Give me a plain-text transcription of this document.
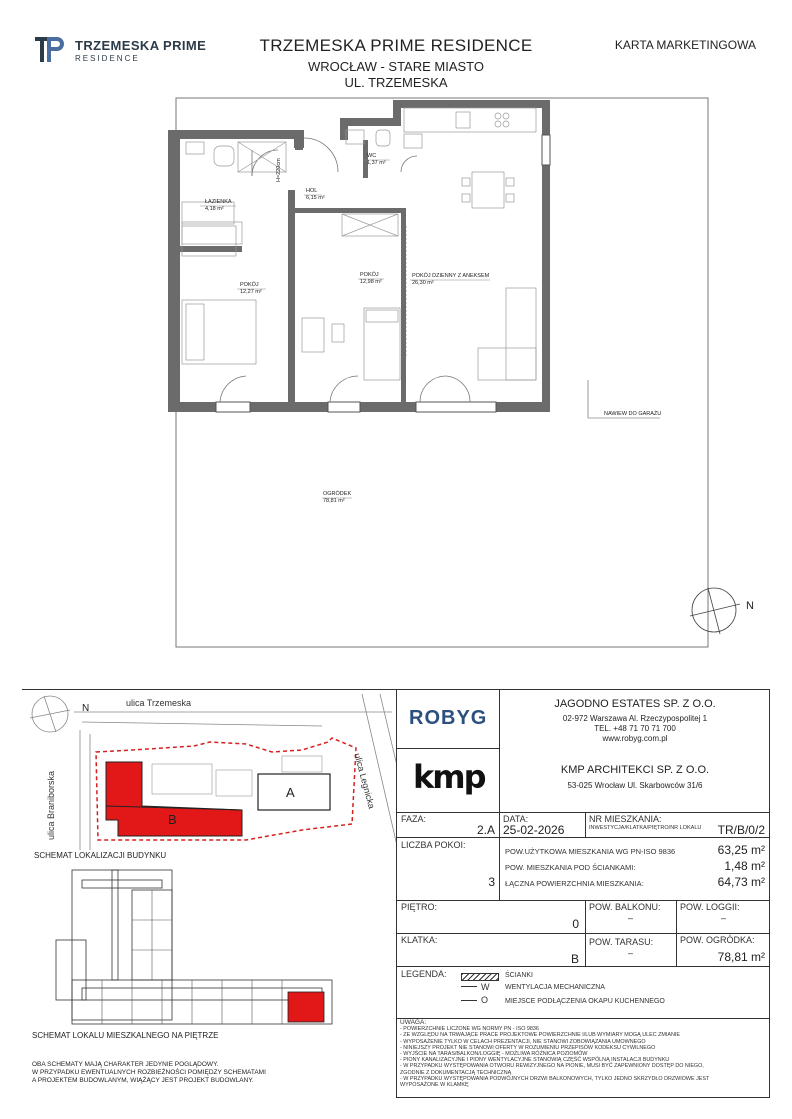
TRZEMESKA PRIME
RESIDENCE
TRZEMESKA PRIME RESIDENCE
WROCŁAW - STARE MIASTO
UL. TRZEMESKA
KARTA MARKETINGOWA
ŁAZIENKA
4,18 m²
WC
1,37 m²
HOL
6,15 m²
POKÓJ
12,27 m²
POKÓJ
12,98 m²
POKÓJ DZIENNY Z ANEKSEM
26,30 m²
OGRÓDEK
78,81 m²
H=220cm
NAWIEW DO GARAŻU
N
ulica Trzemeska
ulica Braniborska	ulica Legnicka
B
A
N
SCHEMAT LOKALIZACJI BUDYNKU
SCHEMAT LOKALU MIESZKALNEGO NA PIĘTRZE
OBA SCHEMATY MAJĄ CHARAKTER JEDYNIE POGLĄDOWY.
W PRZYPADKU EWENTUALNYCH ROZBIEŻNOŚCI POMIĘDZY SCHEMATAMI
A PROJEKTEM BUDOWLANYM, WIĄŻĄCY JEST PROJEKT BUDOWLANY.
ROBYG
kmp
JAGODNO ESTATES SP. Z O.O.
02-972 Warszawa Al. Rzeczypospolitej 1
TEL. +48 71 70 71 700
www.robyg.com.pl
KMP ARCHITEKCI SP. Z O.O.
53-025 Wrocław Ul. Skarbowców 31/6
FAZA:
2.A
DATA:
25-02-2026
NR MIESZKANIA:
INWESTYCJA/KLATKA/PIĘTRO/NR LOKALU TR/B/0/2
LICZBA POKOI:
3
POW.UŻYTKOWA MIESZKANIA WG PN-ISO 9836	63,25 m²
POW. MIESZKANIA POD ŚCIANKAMI:	1,48 m²
ŁĄCZNA POWIERZCHNIA MIESZKANIA:	64,73 m²
PIĘTRO:
0
POW. BALKONU:
–
POW. LOGGII:
–
KLATKA:
B
POW. TARASU:
–
POW. OGRÓDKA:
78,81 m²
LEGENDA:	ŚCIANKI
W WENTYLACJA MECHANICZNA
O MIEJSCE PODŁĄCZENIA OKAPU KUCHENNEGO
UWAGA:
- POWIERZCHNIE LICZONE WG NORMY PN - ISO 9836
- ZE WZGLĘDU NA TRWAJĄCE PRACE PROJEKTOWE POWIERZCHNIE I/LUB WYMIARY MOGĄ ULEC ZMIANIE
- WYPOSAŻENIE TYLKO W CELACH PREZENTACJI, NIE STANOWI ZOBOWIĄZANIA UMOWNEGO
- NINIEJSZY PROJEKT NIE STANOWI OFERTY W ROZUMIENIU PRZEPISÓW KODEKSU CYWILNEGO
- WYJŚCIE NA TARAS/BALKON/LOGGIĘ - MOŻLIWA RÓŻNICA POZIOMÓW
- PIONY KANALIZACYJNE I PIONY WENTYLACYJNE STANOWIĄ CZĘŚĆ WSPÓLNĄ INSTALACJI BUDYNKU
- W PRZYPADKU WYSTĘPOWANIA OTWORU REWIZYJNEGO NA PIONIE, MUSI BYĆ ZAPEWNIONY DOSTĘP DO NIEGO,
ZGODNIE Z DOKUMENTACJĄ TECHNICZNĄ
- W PRZYPADKU WYSTĘPOWANIA PODWÓJNYCH DRZWI BALKONOWYCH, TYLKO JEDNO SKRZYDŁO DRZWIOWE JEST
WYPOSAŻONE W KLAMKĘ
